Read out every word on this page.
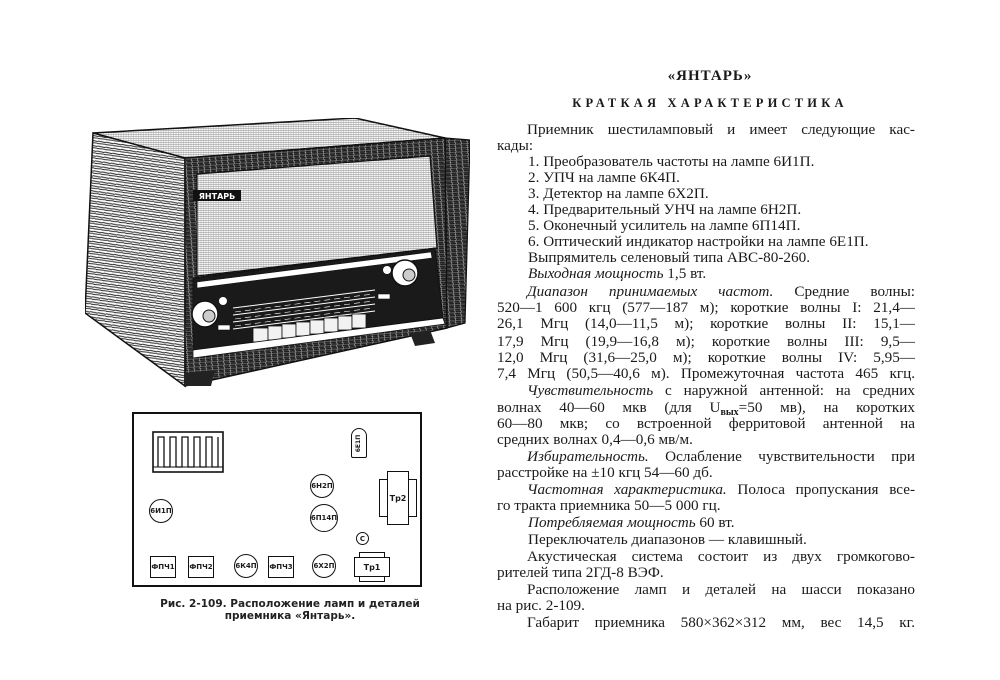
«ЯНТАРЬ»
КРАТКАЯ ХАРАКТЕРИСТИКА
Приемник шестиламповый и имеет следующие кас-
кады:
1. Преобразователь частоты на лампе 6И1П.
2. УПЧ на лампе 6К4П.
3. Детектор на лампе 6Х2П.
4. Предварительный УНЧ на лампе 6Н2П.
5. Оконечный усилитель на лампе 6П14П.
6. Оптический индикатор настройки на лампе 6Е1П.
Выпрямитель селеновый типа АВС-80-260.
Выходная мощность 1,5 вт.
Диапазон принимаемых частот. Средние волны:
520—1 600 кгц (577—187 м); короткие волны I: 21,4—
26,1 Мгц (14,0—11,5 м); короткие волны II: 15,1—
17,9 Мгц (19,9—16,8 м); короткие волны III: 9,5—
12,0 Мгц (31,6—25,0 м); короткие волны IV: 5,95—
7,4 Мгц (50,5—40,6 м). Промежуточная частота 465 кгц.
Чувствительность с наружной антенной: на средних
волнах 40—60 мкв (для $U_{вых}=50$ мв), на коротких
60—80 мкв; со встроенной ферритовой антенной на
средних волнах 0,4—0,6 мв/м.
Избирательность. Ослабление чувствительности при
расстройке на ±10 кгц 54—60 дб.
Частотная характеристика. Полоса пропускания все-
го тракта приемника 50—5 000 гц.
Потребляемая мощность 60 вт.
Переключатель диапазонов — клавишный.
Акустическая система состоит из двух громкогово-
рителей типа 2ГД-8 ВЭФ.
Расположение ламп и деталей на шасси показано
на рис. 2-109.
Габарит приемника 580×362×312 мм, вес 14,5 кг.
ЯНТАРЬ
6Е1П
Тр2
6Н2П
6П14П
6И1П
6К4П	6Х2П
С
ФПЧ1 ФПЧ2	ФПЧ3	Тр1
Рис. 2-109. Расположение ламп и деталей
приемника «Янтарь».
